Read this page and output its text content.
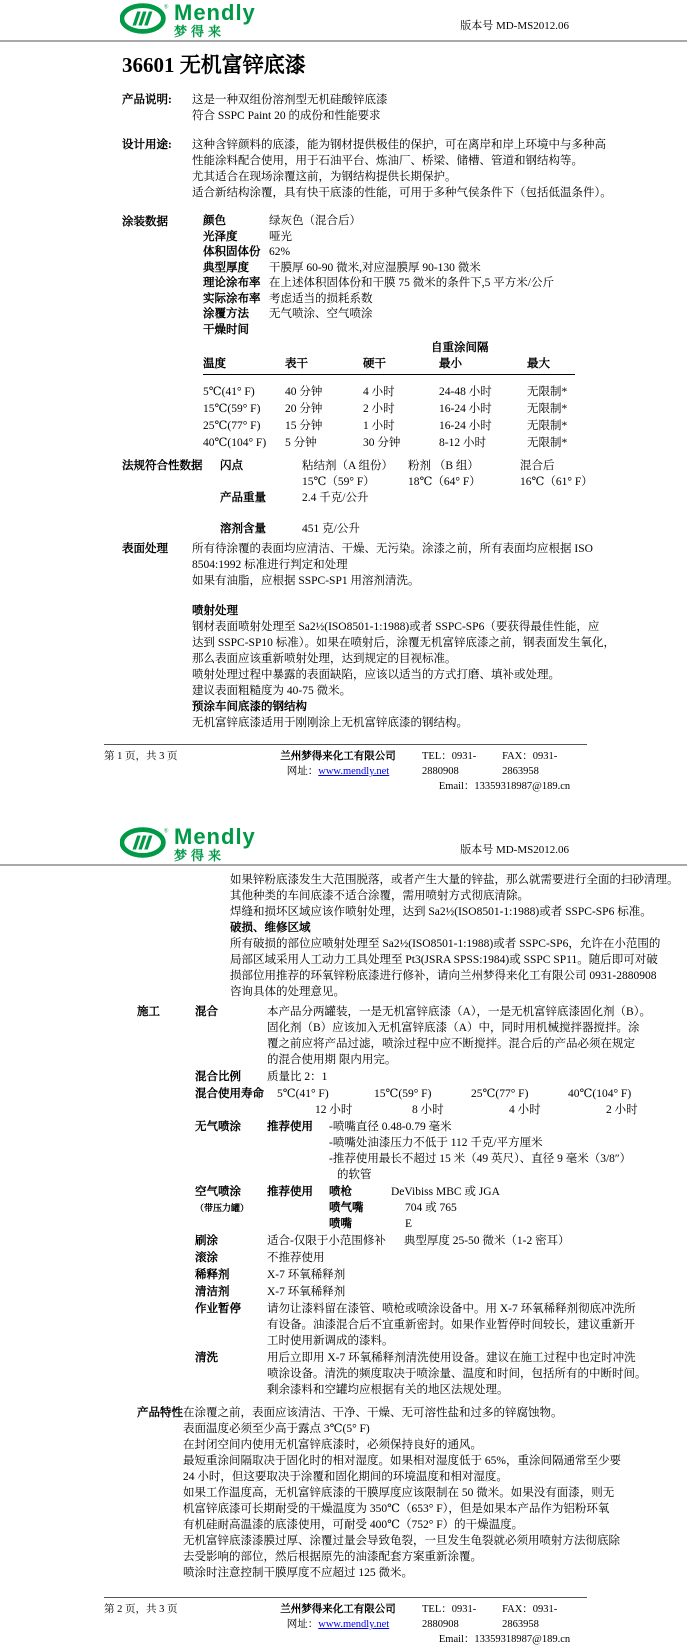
® Mendly
梦得来	版本号 MD-MS2012.06
36601 无机富锌底漆
产品说明:	这是一种双组份溶剂型无机硅酸锌底漆
符合 SSPC Paint 20 的成份和性能要求
设计用途:	这种含锌颜料的底漆，能为钢材提供极佳的保护，可在离岸和岸上环境中与多种高
性能涂料配合使用，用于石油平台、炼油厂、桥梁、储槽、管道和钢结构等。
尤其适合在现场涂覆这前，为钢结构提供长期保护。
适合新结构涂覆，具有快干底漆的性能，可用于多种气侯条件下（包括低温条件）。
涂装数据	颜色	绿灰色（混合后）
光泽度	哑光
体积固体份 62%
典型厚度	干膜厚 60-90 微米,对应湿膜厚 90-130 微米
理论涂布率 在上述体积固体份和干膜 75 微米的条件下,5 平方米/公斤
实际涂布率 考虑适当的损耗系数
涂覆方法	无气喷涂、空气喷涂
干燥时间
自重涂间隔
温度	表干	硬干	最小	最大
5℃(41° F)	40 分钟	4 小时	24-48 小时	无限制*
15℃(59° F)	20 分钟	2 小时	16-24 小时	无限制*
25℃(77° F)	15 分钟	1 小时	16-24 小时	无限制*
40℃(104° F)	5 分钟	30 分钟	8-12 小时	无限制*
法规符合性数据	闪点	粘结剂（A 组份）	粉剂 （B 组）	混合后
15℃（59° F）	18℃（64° F）	16℃（61° F）
产品重量	2.4 千克/公升
溶剂含量	451 克/公升
表面处理	所有待涂覆的表面均应清洁、干燥、无污染。涂漆之前，所有表面均应根据 ISO
8504:1992 标准进行判定和处理
如果有油脂，应根据 SSPC-SP1 用溶剂清洗。
喷射处理
钢材表面喷射处理至 Sa2½(ISO8501-1:1988)或者 SSPC-SP6（要获得最佳性能，应
达到 SSPC-SP10 标准）。如果在喷射后，涂覆无机富锌底漆之前，钢表面发生氧化，
那么表面应该重新喷射处理，达到规定的目视标准。
喷射处理过程中暴露的表面缺陷，应该以适当的方式打磨、填补或处理。
建议表面粗糙度为 40-75 微米。
预涂车间底漆的钢结构
无机富锌底漆适用于刚刚涂上无机富锌底漆的钢结构。
第 1 页，共 3 页	兰州梦得来化工有限公司
网址：www.mendly.net
TEL：0931-2880908
FAX：0931-2863958
Email：13359318987@189.cn
® Mendly
梦得来	版本号 MD-MS2012.06
如果锌粉底漆发生大范围脱落，或者产生大量的锌盐，那么就需要进行全面的扫砂清理。
其他种类的车间底漆不适合涂覆，需用喷射方式彻底清除。
焊缝和损坏区域应该作喷射处理，达到 Sa2½(ISO8501-1:1988)或者 SSPC-SP6 标准。
破损、维修区域
所有破损的部位应喷射处理至 Sa2½(ISO8501-1:1988)或者 SSPC-SP6，允许在小范围的
局部区域采用人工动力工具处理至 Pt3(JSRA SPSS:1984)或 SSPC SP11。随后即可对破
损部位用推荐的环氧锌粉底漆进行修补，请向兰州梦得来化工有限公司 0931-2880908
咨询具体的处理意见。
施工	混合	本产品分两罐装，一是无机富锌底漆（A），一是无机富锌底漆固化剂（B）。
固化剂（B）应该加入无机富锌底漆（A）中，同时用机械搅拌器搅拌。涂
覆之前应将产品过滤，喷涂过程中应不断搅拌。混合后的产品必须在规定
的混合使用期 限内用完。
混合比例	质量比 2：1
混合使用寿命	5℃(41° F)	15℃(59° F)	25℃(77° F)	40℃(104° F)
12 小时	8 小时	4 小时	2 小时
无气喷涂	推荐使用	-喷嘴直径 0.48-0.79 毫米
-喷嘴处油漆压力不低于 112 千克/平方厘米
-推荐使用最长不超过 15 米（49 英尺）、直径 9 毫米（3/8″）
的软管
空气喷涂
（带压力罐）
推荐使用	喷枪	DeVibiss MBC 或 JGA
喷气嘴	704 或 765
喷嘴	E
刷涂	适合-仅限于小范围修补 典型厚度 25-50 微米（1-2 密耳）
滚涂	不推荐使用
稀释剂	X-7 环氧稀释剂
清洁剂	X-7 环氧稀释剂
作业暂停	请勿让漆料留在漆管、喷枪或喷涂设备中。用 X-7 环氧稀释剂彻底冲洗所
有设备。油漆混合后不宜重新密封。如果作业暂停时间较长，建议重新开
工时使用新调成的漆料。
清洗	用后立即用 X-7 环氧稀释剂清洗使用设备。建议在施工过程中也定时冲洗
喷涂设备。清洗的频度取决于喷涂量、温度和时间，包括所有的中断时间。
剩余漆料和空罐均应根据有关的地区法规处理。
产品特性 在涂覆之前，表面应该清洁、干净、干燥、无可溶性盐和过多的锌腐蚀物。
表面温度必须至少高于露点 3℃(5° F)
在封闭空间内使用无机富锌底漆时，必须保持良好的通风。
最短重涂间隔取决于固化时的相对湿度。如果相对湿度低于 65%，重涂间隔通常至少要
24 小时，但这要取决于涂覆和固化期间的环境温度和相对湿度。
如果工作温度高，无机富锌底漆的干膜厚度应该限制在 50 微米。如果没有面漆，则无
机富锌底漆可长期耐受的干燥温度为 350℃（653° F），但是如果本产品作为铝粉环氧
有机硅耐高温漆的底漆使用，可耐受 400℃（752° F）的干燥温度。
无机富锌底漆漆膜过厚、涂覆过量会导致龟裂，一旦发生龟裂就必须用喷射方法彻底除
去受影响的部位，然后根据原先的油漆配套方案重新涂覆。
喷涂时注意控制干膜厚度不应超过 125 微米。
第 2 页，共 3 页	兰州梦得来化工有限公司
网址：www.mendly.net
TEL：0931-2880908
FAX：0931-2863958
Email：13359318987@189.cn
